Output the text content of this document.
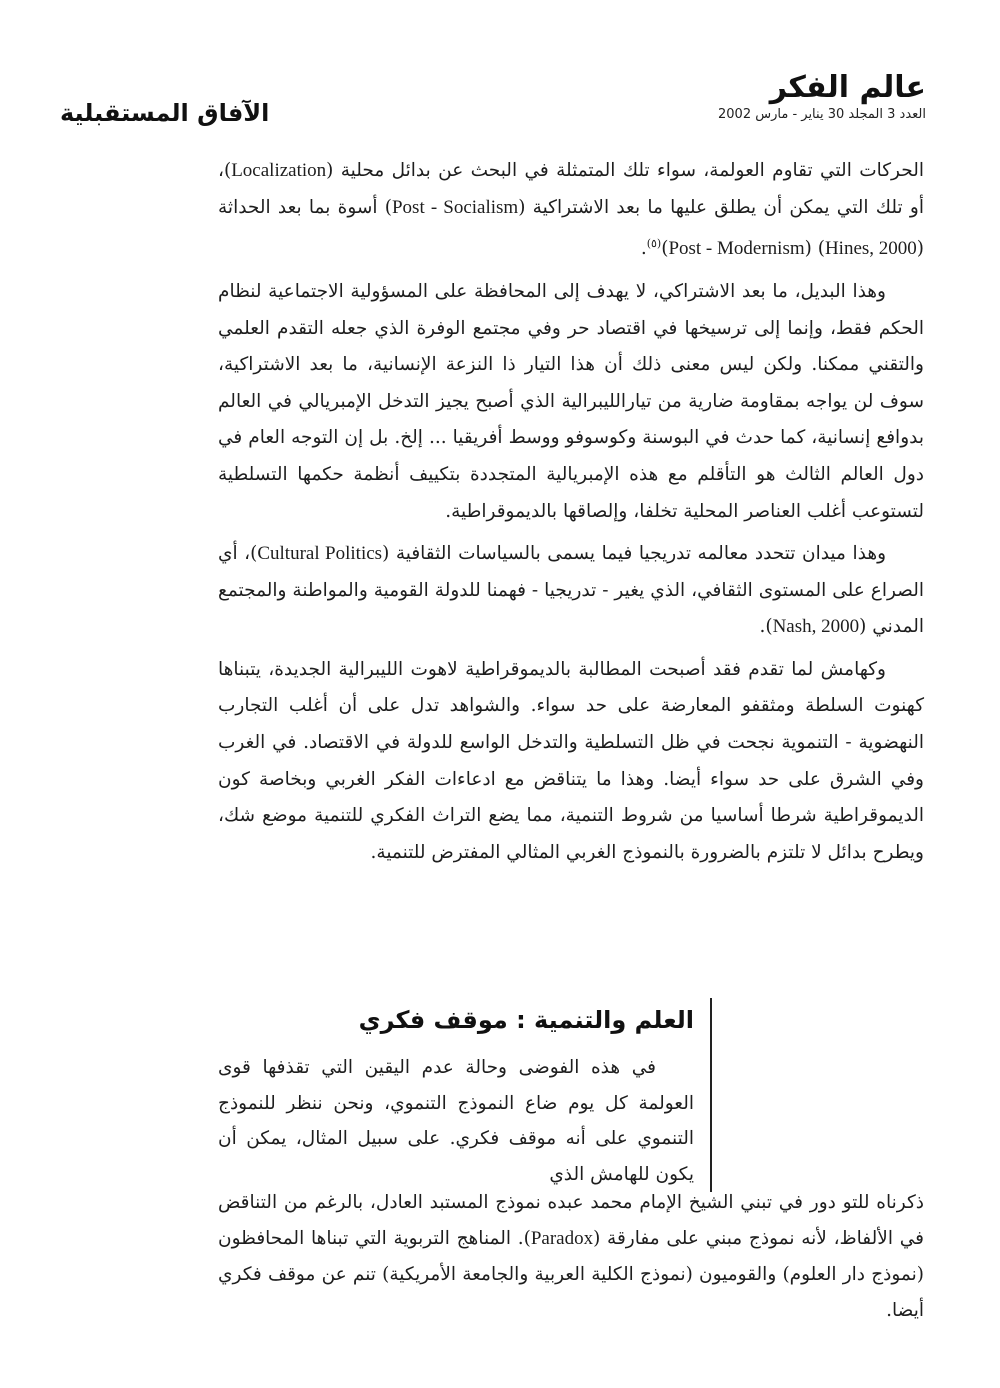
عالم الفكر
العدد 3 المجلد 30 يناير - مارس 2002
الآفاق المستقبلية

الحركات التي تقاوم العولمة، سواء تلك المتمثلة في البحث عن بدائل محلية (Localization)، أو تلك التي يمكن أن يطلق عليها ما بعد الاشتراكية (Post - Socialism) أسوة بما بعد الحداثة (Post - Modernism) (Hines, 2000)$^{(٥)}$.

وهذا البديل، ما بعد الاشتراكي، لا يهدف إلى المحافظة على المسؤولية الاجتماعية لنظام الحكم فقط، وإنما إلى ترسيخها في اقتصاد حر وفي مجتمع الوفرة الذي جعله التقدم العلمي والتقني ممكنا. ولكن ليس معنى ذلك أن هذا التيار ذا النزعة الإنسانية، ما بعد الاشتراكية، سوف لن يواجه بمقاومة ضارية من تيارالليبرالية الذي أصبح يجيز التدخل الإمبريالي في العالم بدوافع إنسانية، كما حدث في البوسنة وكوسوفو ووسط أفريقيا ... إلخ. بل إن التوجه العام في دول العالم الثالث هو التأقلم مع هذه الإمبريالية المتجددة بتكييف أنظمة حكمها التسلطية لتستوعب أغلب العناصر المحلية تخلفا، وإلصاقها بالديموقراطية.

وهذا ميدان تتحدد معالمه تدريجيا فيما يسمى بالسياسات الثقافية (Cultural Politics)، أي الصراع على المستوى الثقافي، الذي يغير - تدريجيا - فهمنا للدولة القومية والمواطنة والمجتمع المدني (Nash, 2000).

وكهامش لما تقدم فقد أصبحت المطالبة بالديموقراطية لاهوت الليبرالية الجديدة، يتبناها كهنوت السلطة ومثقفو المعارضة على حد سواء. والشواهد تدل على أن أغلب التجارب النهضوية - التنموية نجحت في ظل التسلطية والتدخل الواسع للدولة في الاقتصاد. في الغرب وفي الشرق على حد سواء أيضا. وهذا ما يتناقض مع ادعاءات الفكر الغربي وبخاصة كون الديموقراطية شرطا أساسيا من شروط التنمية، مما يضع التراث الفكري للتنمية موضع شك، ويطرح بدائل لا تلتزم بالضرورة بالنموذج الغربي المثالي المفترض للتنمية.

العلم والتنمية : موقف فكري

في هذه الفوضى وحالة عدم اليقين التي تقذفها قوى العولمة كل يوم ضاع النموذج التنموي، ونحن ننظر للنموذج التنموي على أنه موقف فكري. على سبيل المثال، يمكن أن يكون للهامش الذي

ذكرناه للتو دور في تبني الشيخ الإمام محمد عبده نموذج المستبد العادل، بالرغم من التناقض في الألفاظ، لأنه نموذج مبني على مفارقة (Paradox). المناهج التربوية التي تبناها المحافظون (نموذج دار العلوم) والقوميون (نموذج الكلية العربية والجامعة الأمريكية) تنم عن موقف فكري أيضا.
